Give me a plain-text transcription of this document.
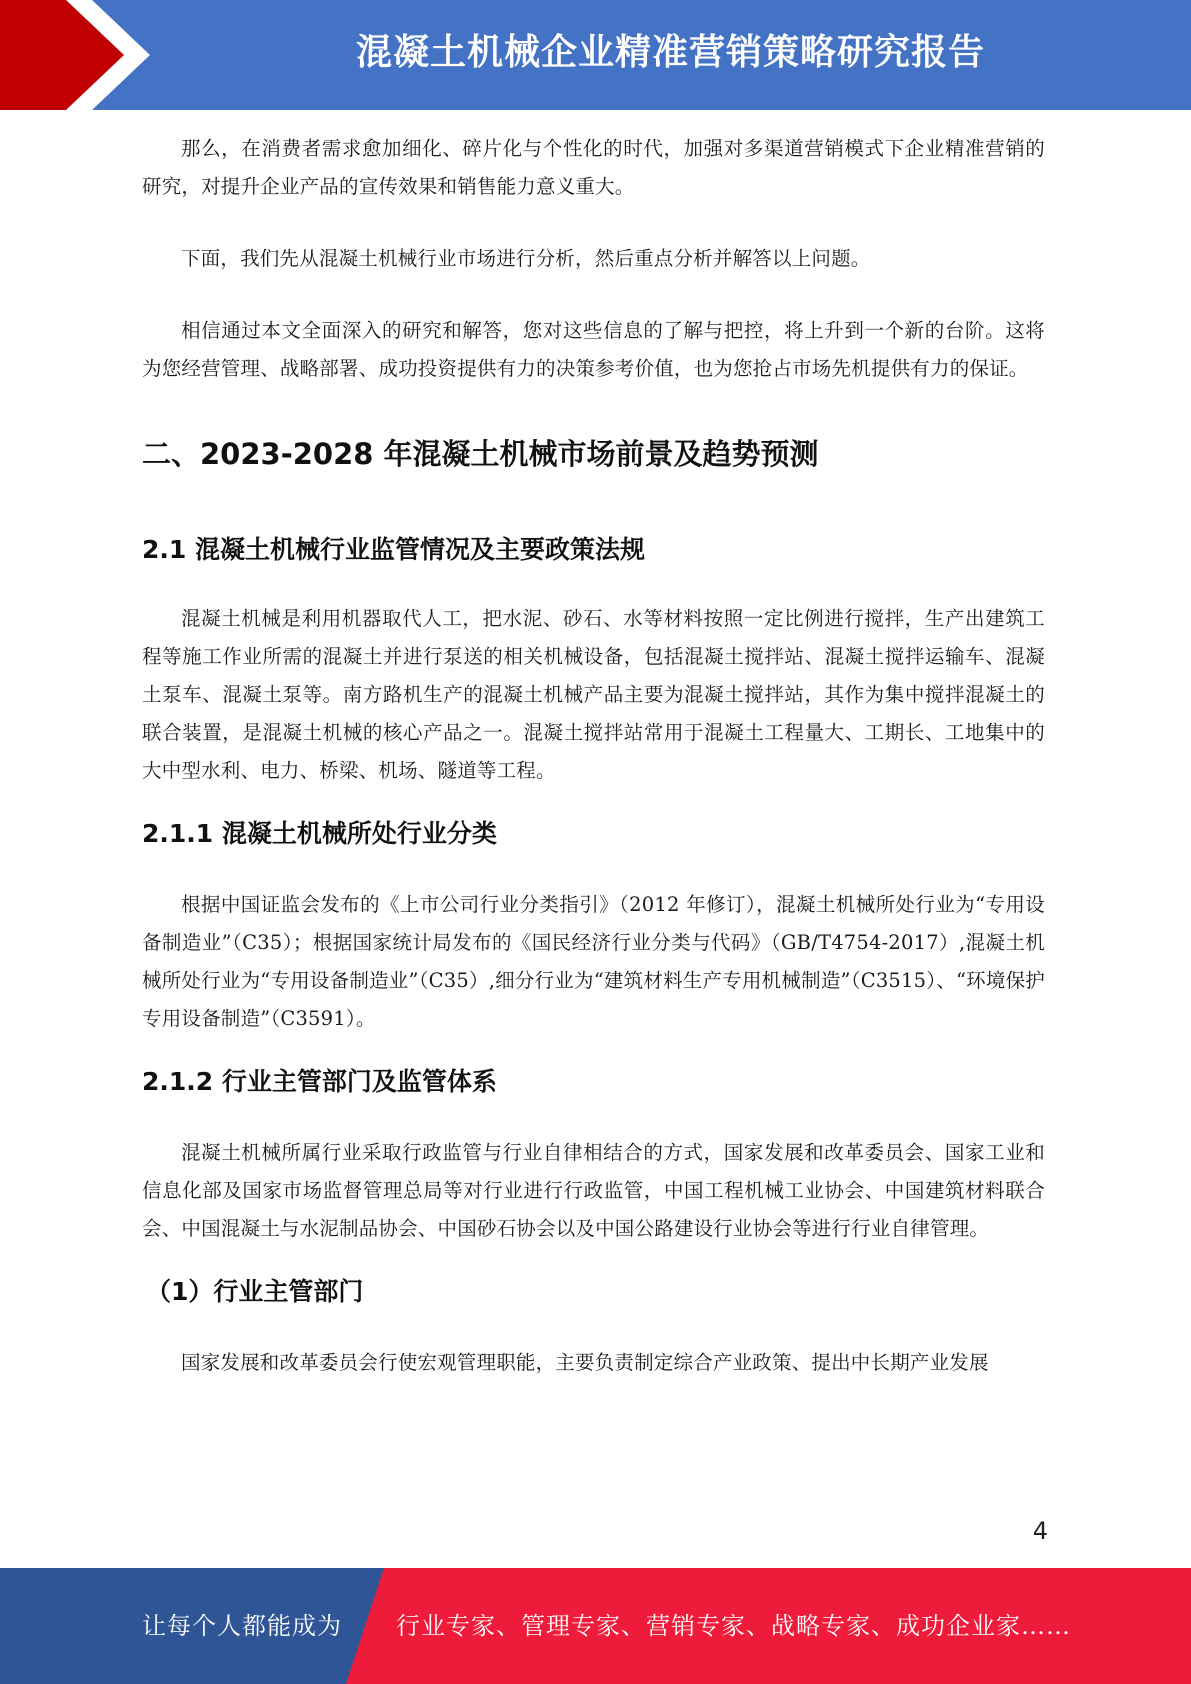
混凝土机械企业精准营销策略研究报告

那么，在消费者需求愈加细化、碎片化与个性化的时代，加强对多渠道营销模式下企业精准营销的研究，对提升企业产品的宣传效果和销售能力意义重大。

下面，我们先从混凝土机械行业市场进行分析，然后重点分析并解答以上问题。

相信通过本文全面深入的研究和解答，您对这些信息的了解与把控，将上升到一个新的台阶。这将为您经营管理、战略部署、成功投资提供有力的决策参考价值，也为您抢占市场先机提供有力的保证。

二、2023-2028 年混凝土机械市场前景及趋势预测
2.1 混凝土机械行业监管情况及主要政策法规

混凝土机械是利用机器取代人工，把水泥、砂石、水等材料按照一定比例进行搅拌，生产出建筑工程等施工作业所需的混凝土并进行泵送的相关机械设备，包括混凝土搅拌站、混凝土搅拌运输车、混凝土泵车、混凝土泵等。南方路机生产的混凝土机械产品主要为混凝土搅拌站，其作为集中搅拌混凝土的联合装置，是混凝土机械的核心产品之一。混凝土搅拌站常用于混凝土工程量大、工期长、工地集中的大中型水利、电力、桥梁、机场、隧道等工程。

2.1.1 混凝土机械所处行业分类

根据中国证监会发布的《上市公司行业分类指引》（2012 年修订），混凝土机械所处行业为“专用设备制造业”（C35）；根据国家统计局发布的《国民经济行业分类与代码》（GB/T4754-2017）,混凝土机械所处行业为“专用设备制造业”（C35）,细分行业为“建筑材料生产专用机械制造”（C3515）、“环境保护专用设备制造”（C3591）。

2.1.2 行业主管部门及监管体系

混凝土机械所属行业采取行政监管与行业自律相结合的方式，国家发展和改革委员会、国家工业和信息化部及国家市场监督管理总局等对行业进行行政监管，中国工程机械工业协会、中国建筑材料联合会、中国混凝土与水泥制品协会、中国砂石协会以及中国公路建设行业协会等进行行业自律管理。

（1）行业主管部门

国家发展和改革委员会行使宏观管理职能，主要负责制定综合产业政策、提出中长期产业发展

4
让每个人都能成为 行业专家、管理专家、营销专家、战略专家、成功企业家……
